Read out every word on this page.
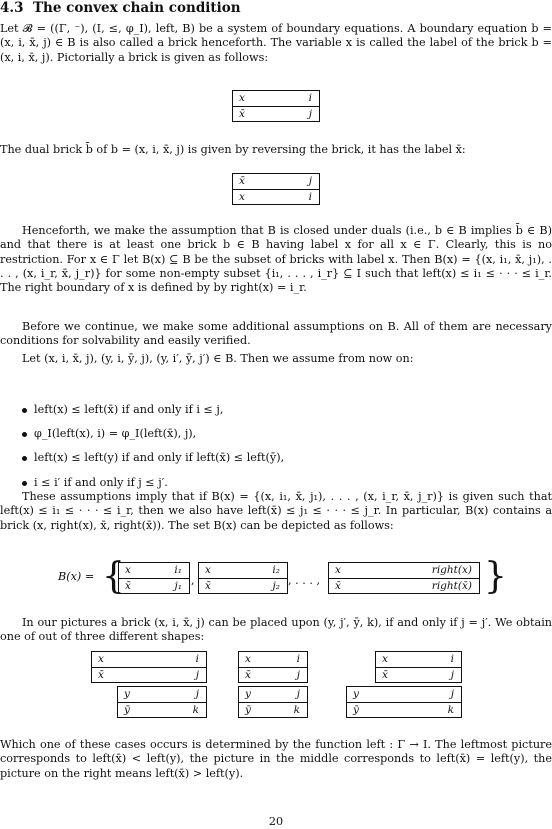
4.3 The convex chain condition
Let 𝓑 = ((Γ, ⁻), (I, ≤, φ_I), left, B) be a system of boundary equations. A boundary equation b = (x, i, x̄, j) ∈ B is also called a brick henceforth. The variable x is called the label of the brick b = (x, i, x̄, j). Pictorially a brick is given as follows:
x	i
x̄	j
The dual brick b̄ of b = (x, i, x̄, j) is given by reversing the brick, it has the label x̄:
x̄	j
x	i
Henceforth, we make the assumption that B is closed under duals (i.e., b ∈ B implies b̄ ∈ B) and that there is at least one brick b ∈ B having label x for all x ∈ Γ. Clearly, this is no restriction. For x ∈ Γ let B(x) ⊆ B be the subset of bricks with label x. Then B(x) = {(x, i₁, x̄, j₁), . . . , (x, i_r, x̄, j_r)} for some non-empty subset {i₁, . . . , i_r} ⊆ I such that left(x) ≤ i₁ ≤ · · · ≤ i_r. The right boundary of x is defined by by right(x) = i_r.
Before we continue, we make some additional assumptions on B. All of them are necessary conditions for solvability and easily verified.
Let (x, i, x̄, j), (y, i, ȳ, j), (y, i′, ȳ, j′) ∈ B. Then we assume from now on:
left(x) ≤ left(x̄) if and only if i ≤ j,
φ_I(left(x), i) = φ_I(left(x̄), j),
left(x) ≤ left(y) if and only if left(x̄) ≤ left(ȳ),
i ≤ i′ if and only if j ≤ j′.
These assumptions imply that if B(x) = {(x, i₁, x̄, j₁), . . . , (x, i_r, x̄, j_r)} is given such that left(x) ≤ i₁ ≤ · · · ≤ i_r, then we also have left(x̄) ≤ j₁ ≤ · · · ≤ j_r. In particular, B(x) contains a brick (x, right(x), x̄, right(x̄)). The set B(x) can be depicted as follows:
B(x) = { x	i₁
x̄	j₁ ,
x	i₂
x̄	j₂ , . . . ,
x	right(x)
x̄	right(x̄) }
In our pictures a brick (x, i, x̄, j) can be placed upon (y, j′, ȳ, k), if and only if j = j′. We obtain one of out of three different shapes:
x	i
x̄	j
y	j
ȳ	k
x	i
x̄	j
y	j
ȳ	k
x	i
x̄	j
y	j
ȳ	k
Which one of these cases occurs is determined by the function left : Γ → I. The leftmost picture corresponds to left(x̄) < left(y), the picture in the middle corresponds to left(x̄) = left(y), the picture on the right means left(x̄) > left(y).
20
